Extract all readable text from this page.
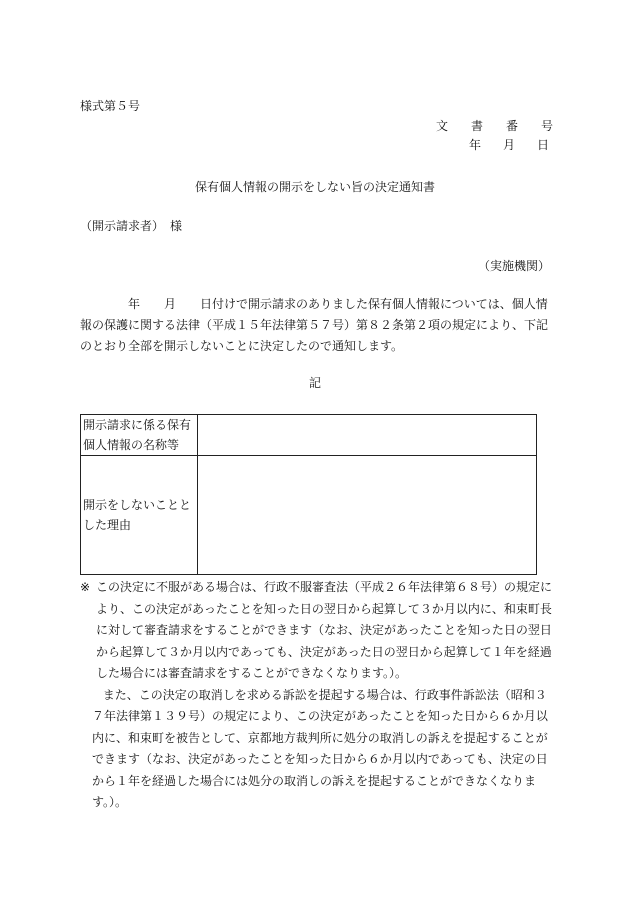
様式第５号
文 書 番 号
年 月 日
保有個人情報の開示をしない旨の決定通知書
（開示請求者）　様
（実施機関）

　　　　年　　月　　日付けで開示請求のありました保有個人情報については、個人情報の保護に関する法律（平成１５年法律第５７号）第８２条第２項の規定により、下記のとおり全部を開示しないことに決定したので通知します。

記
開示請求に係る保有個人情報の名称等	
開示をしないこととした理由	
※ この決定に不服がある場合は、行政不服審査法（平成２６年法律第６８号）の規定により、この決定があったことを知った日の翌日から起算して３か月以内に、和束町長に対して審査請求をすることができます（なお、決定があったことを知った日の翌日から起算して３か月以内であっても、決定があった日の翌日から起算して１年を経過した場合には審査請求をすることができなくなります。）。

また、この決定の取消しを求める訴訟を提起する場合は、行政事件訴訟法（昭和３７年法律第１３９号）の規定により、この決定があったことを知った日から６か月以内に、和束町を被告として、京都地方裁判所に処分の取消しの訴えを提起することができます（なお、決定があったことを知った日から６か月以内であっても、決定の日から１年を経過した場合には処分の取消しの訴えを提起することができなくなります。）。
